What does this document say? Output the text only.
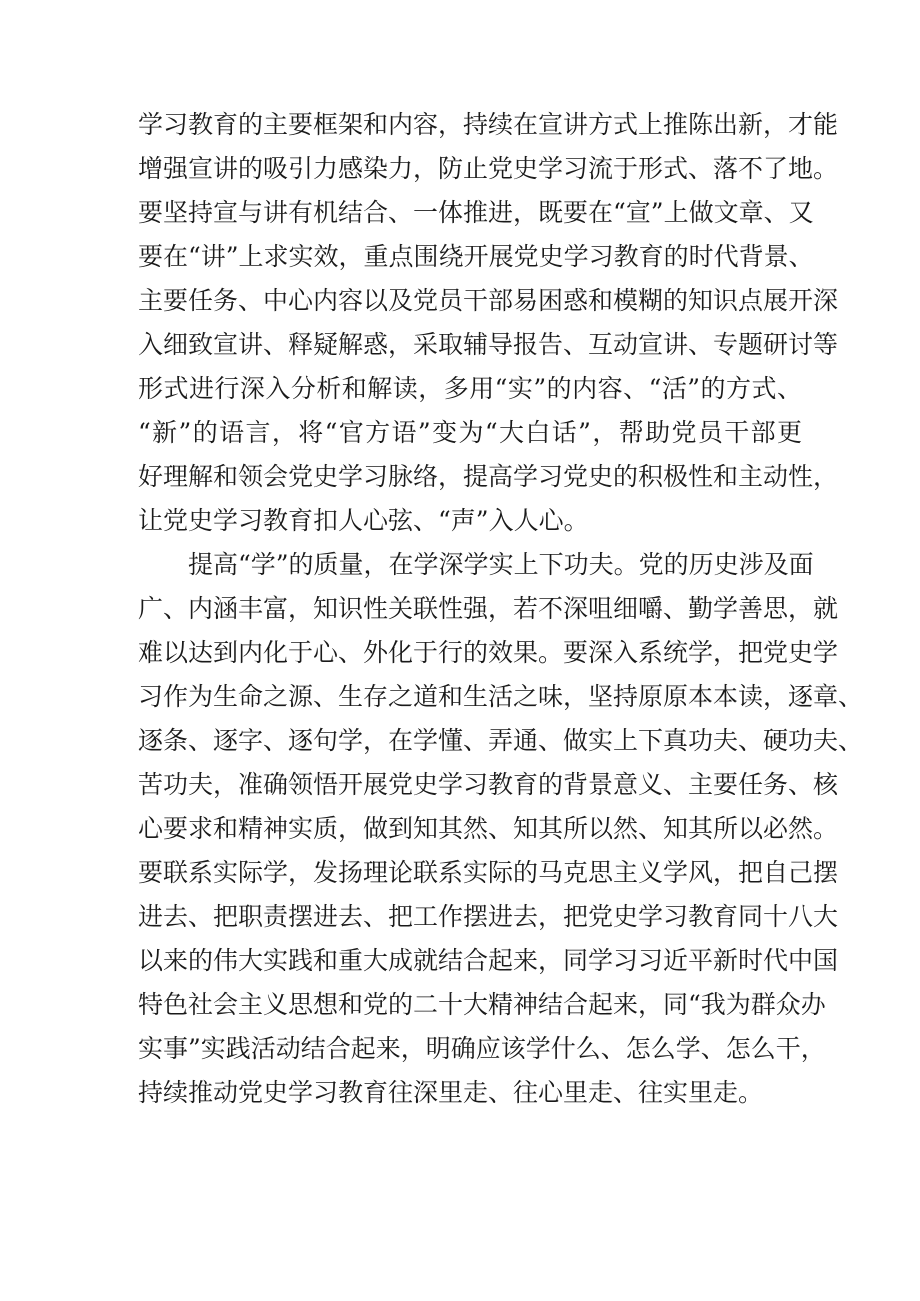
学习教育的主要框架和内容，持续在宣讲方式上推陈出新，才能
增强宣讲的吸引力感染力，防止党史学习流于形式、落不了地。
要坚持宣与讲有机结合、一体推进，既要在“宣”上做文章、又
要在“讲”上求实效，重点围绕开展党史学习教育的时代背景、
主要任务、中心内容以及党员干部易困惑和模糊的知识点展开深
入细致宣讲、释疑解惑，采取辅导报告、互动宣讲、专题研讨等
形式进行深入分析和解读，多用“实”的内容、“活”的方式、
“新”的语言，将“官方语”变为“大白话”，帮助党员干部更
好理解和领会党史学习脉络，提高学习党史的积极性和主动性，
让党史学习教育扣人心弦、“声”入人心。
提高“学”的质量，在学深学实上下功夫。党的历史涉及面
广、内涵丰富，知识性关联性强，若不深咀细嚼、勤学善思，就
难以达到内化于心、外化于行的效果。要深入系统学，把党史学
习作为生命之源、生存之道和生活之味，坚持原原本本读，逐章、
逐条、逐字、逐句学，在学懂、弄通、做实上下真功夫、硬功夫、
苦功夫，准确领悟开展党史学习教育的背景意义、主要任务、核
心要求和精神实质，做到知其然、知其所以然、知其所以必然。
要联系实际学，发扬理论联系实际的马克思主义学风，把自己摆
进去、把职责摆进去、把工作摆进去，把党史学习教育同十八大
以来的伟大实践和重大成就结合起来，同学习习近平新时代中国
特色社会主义思想和党的二十大精神结合起来，同“我为群众办
实事”实践活动结合起来，明确应该学什么、怎么学、怎么干，
持续推动党史学习教育往深里走、往心里走、往实里走。
